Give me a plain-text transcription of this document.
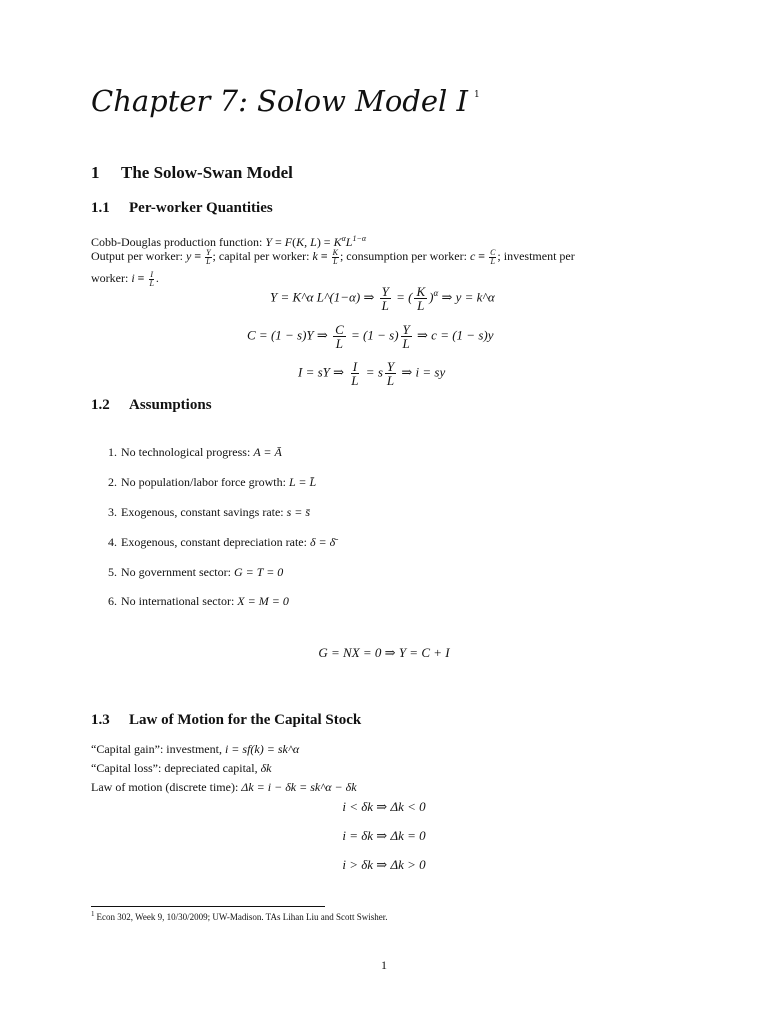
Chapter 7: Solow Model I $^1$
1 The Solow-Swan Model
1.1 Per-worker Quantities
Cobb-Douglas production function: Y = F(K, $L) = K^\alpha L^{1-\alpha}$
Output per worker: $y \equiv \frac{Y}{L}$ ; capital per worker: $k \equiv \frac{K}{L}$ ; consumption per worker: $c \equiv \frac{C}{L}$ ; investment per
worker: $i \equiv \frac{I}{L}$ .
Y = K^α L^(1−α) ⇒ $\frac{Y}{L}$ = ( $\frac{K}{L} )^\alpha$ ⇒ y = k^α
C = (1 − s)Y ⇒ $\frac{C}{L} = (1 - s) \frac{Y}{L}$ ⇒ c = (1 − s)y
I = sY ⇒ $\frac{I}{L} = s \frac{Y}{L}$ ⇒ i = sy
1.2 Assumptions
1. No technological progress: A = Ā
2. No population/labor force growth: L = L̄
3. Exogenous, constant savings rate: s = s̄
4. Exogenous, constant depreciation rate: δ = δ̄
5. No government sector: G = T = 0
6. No international sector: X = M = 0
G = NX = 0 ⇒ Y = C + I
1.3 Law of Motion for the Capital Stock
“Capital gain”: investment, i = sf(k) = sk^α
“Capital loss”: depreciated capital, δk
Law of motion (discrete time): Δk = i − δk = sk^α − δk
i < δk ⇒ Δk < 0
i = δk ⇒ Δk = 0
i > δk ⇒ Δk > 0
$^1$ Econ 302, Week 9, 10/30/2009; UW-Madison. TAs Lihan Liu and Scott Swisher.
1
